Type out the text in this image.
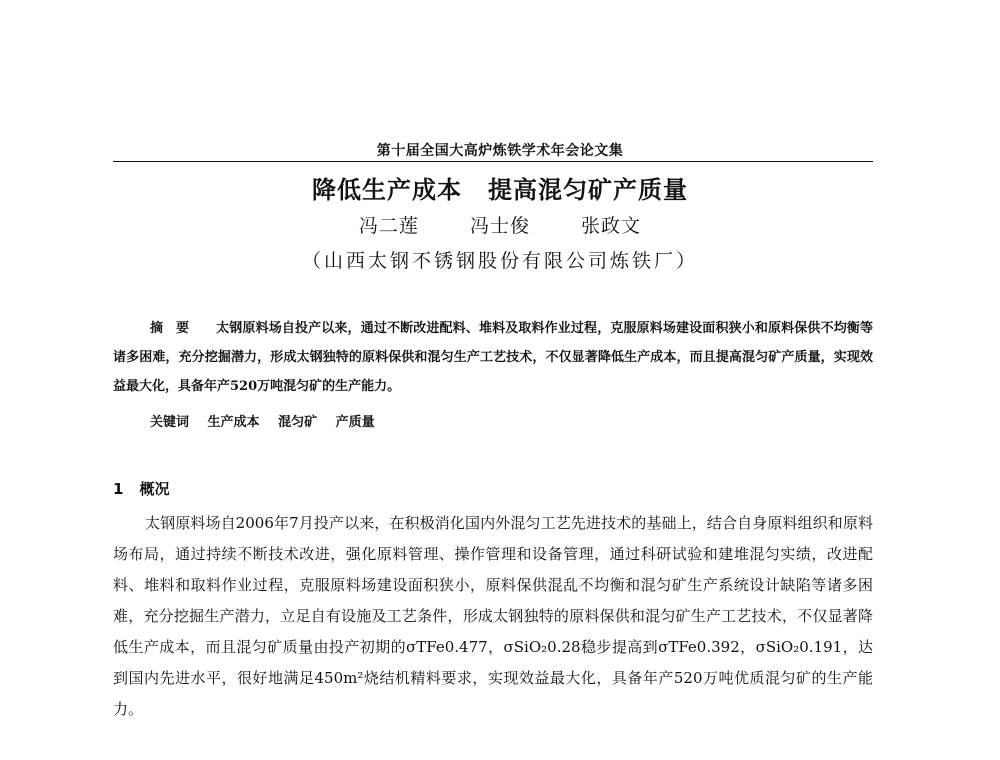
第十届全国大高炉炼铁学术年会论文集
降低生产成本 提高混匀矿产质量
冯二莲	冯士俊	张政文
（山西太钢不锈钢股份有限公司炼铁厂）
摘要 太钢原料场自投产以来，通过不断改进配料、堆料及取料作业过程，克服原料场建设面积狭小和原料保供不均衡等诸多困难，充分挖掘潜力，形成太钢独特的原料保供和混匀生产工艺技术，不仅显著降低生产成本，而且提高混匀矿产质量，实现效益最大化，具备年产520万吨混匀矿的生产能力。
关键词 生产成本 混匀矿 产质量
1 概况

太钢原料场自2006年7月投产以来，在积极消化国内外混匀工艺先进技术的基础上，结合自身原料组织和原料场布局，通过持续不断技术改进，强化原料管理、操作管理和设备管理，通过科研试验和建堆混匀实绩，改进配料、堆料和取料作业过程，克服原料场建设面积狭小，原料保供混乱不均衡和混匀矿生产系统设计缺陷等诸多困难，充分挖掘生产潜力，立足自有设施及工艺条件，形成太钢独特的原料保供和混匀矿生产工艺技术，不仅显著降低生产成本，而且混匀矿质量由投产初期的σTFe0.477，σSiO₂0.28稳步提高到σTFe0.392，σSiO₂0.191，达到国内先进水平，很好地满足450m²烧结机精料要求，实现效益最大化，具备年产520万吨优质混匀矿的生产能力。
